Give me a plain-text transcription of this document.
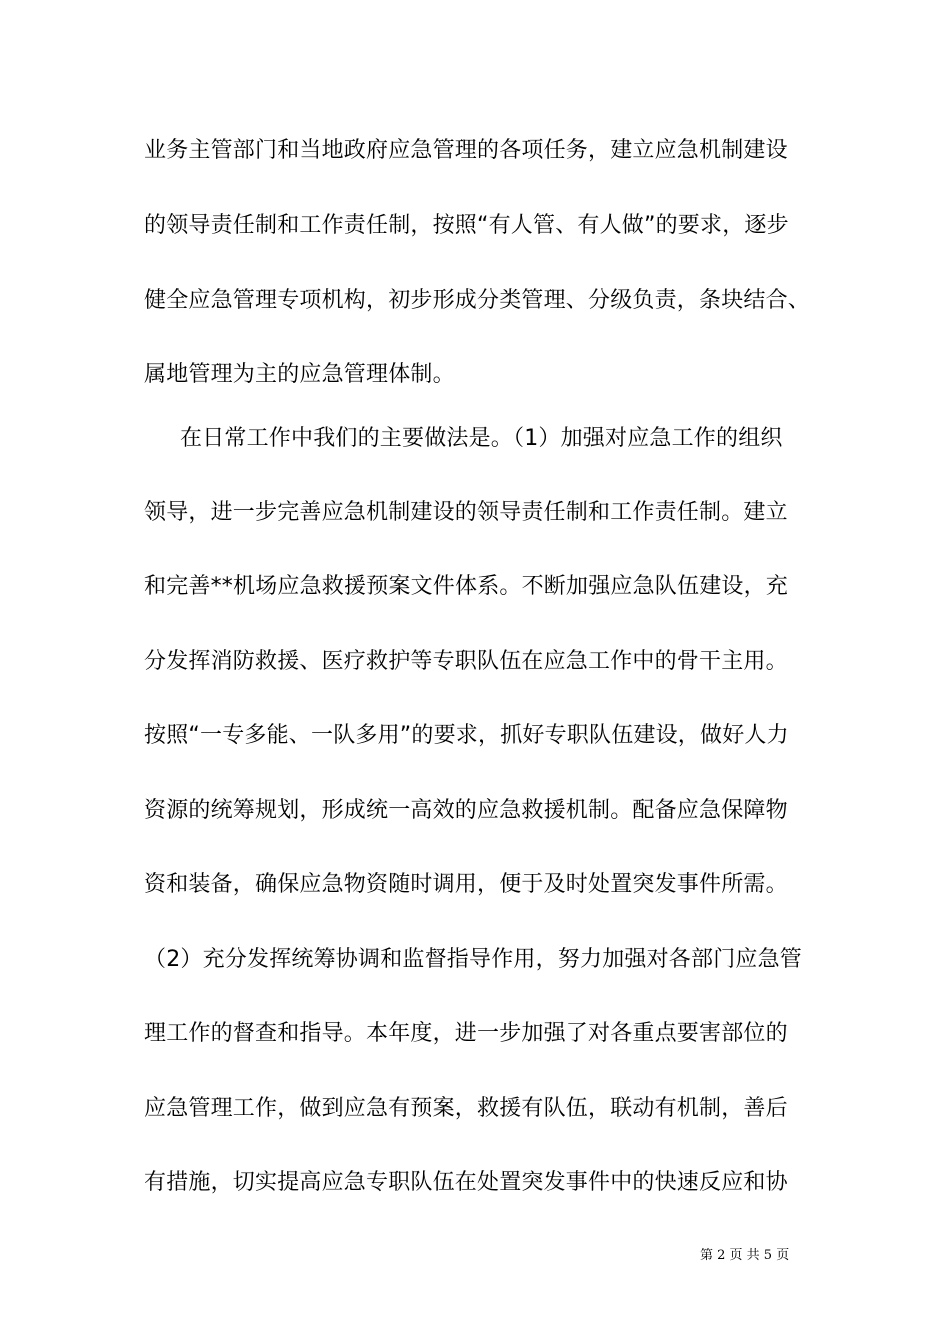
业务主管部门和当地政府应急管理的各项任务，建立应急机制建设
的领导责任制和工作责任制，按照“有人管、有人做”的要求，逐步
健全应急管理专项机构，初步形成分类管理、分级负责，条块结合、
属地管理为主的应急管理体制。
在日常工作中我们的主要做法是。（1）加强对应急工作的组织
领导，进一步完善应急机制建设的领导责任制和工作责任制。建立
和完善**机场应急救援预案文件体系。不断加强应急队伍建设，充
分发挥消防救援、医疗救护等专职队伍在应急工作中的骨干主用。
按照“一专多能、一队多用”的要求，抓好专职队伍建设，做好人力
资源的统筹规划，形成统一高效的应急救援机制。配备应急保障物
资和装备，确保应急物资随时调用，便于及时处置突发事件所需。
（2）充分发挥统筹协调和监督指导作用，努力加强对各部门应急管
理工作的督查和指导。本年度，进一步加强了对各重点要害部位的
应急管理工作，做到应急有预案，救援有队伍，联动有机制，善后
有措施，切实提高应急专职队伍在处置突发事件中的快速反应和协
第 2 页 共 5 页
